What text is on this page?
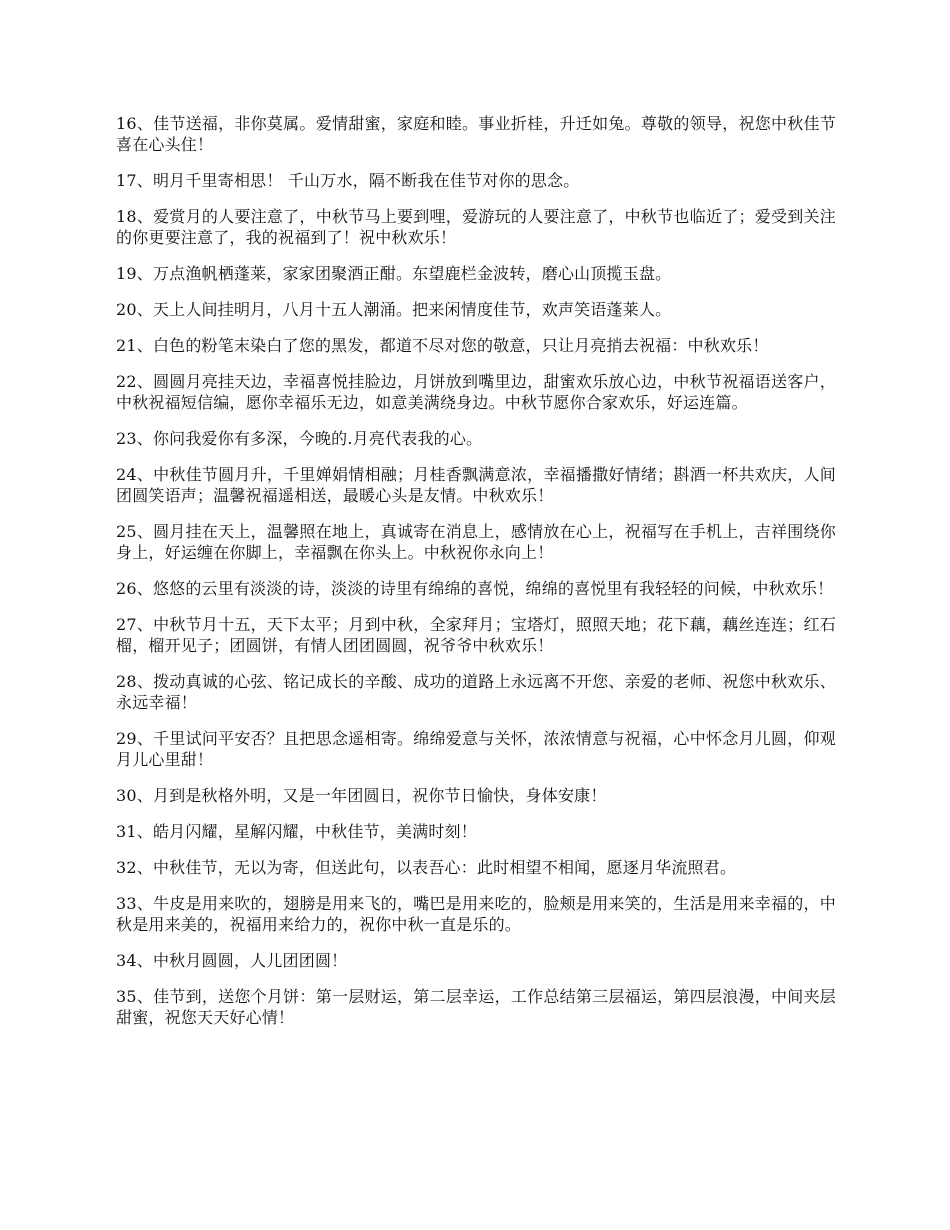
16、佳节送福，非你莫属。爱情甜蜜，家庭和睦。事业折桂，升迁如兔。尊敬的领导，祝您中秋佳节喜在心头住！

17、明月千里寄相思！ 千山万水，隔不断我在佳节对你的思念。

18、爱赏月的人要注意了，中秋节马上要到哩，爱游玩的人要注意了，中秋节也临近了；爱受到关注的你更要注意了，我的祝福到了！祝中秋欢乐！

19、万点渔帆栖蓬莱，家家团聚酒正酣。东望鹿栏金波转，磨心山顶揽玉盘。

20、天上人间挂明月，八月十五人潮涌。把来闲情度佳节，欢声笑语蓬莱人。

21、白色的粉笔末染白了您的黑发，都道不尽对您的敬意，只让月亮捎去祝福：中秋欢乐！

22、圆圆月亮挂天边，幸福喜悦挂脸边，月饼放到嘴里边，甜蜜欢乐放心边，中秋节祝福语送客户，中秋祝福短信编，愿你幸福乐无边，如意美满绕身边。中秋节愿你合家欢乐，好运连篇。

23、你问我爱你有多深，今晚的.月亮代表我的心。

24、中秋佳节圆月升，千里婵娟情相融；月桂香飘满意浓，幸福播撒好情绪；斟酒一杯共欢庆，人间团圆笑语声；温馨祝福遥相送，最暖心头是友情。中秋欢乐！

25、圆月挂在天上，温馨照在地上，真诚寄在消息上，感情放在心上，祝福写在手机上，吉祥围绕你身上，好运缠在你脚上，幸福飘在你头上。中秋祝你永向上！

26、悠悠的云里有淡淡的诗，淡淡的诗里有绵绵的喜悦，绵绵的喜悦里有我轻轻的问候，中秋欢乐！

27、中秋节月十五，天下太平；月到中秋，全家拜月；宝塔灯，照照天地；花下藕，藕丝连连；红石榴，榴开见子；团圆饼，有情人团团圆圆，祝爷爷中秋欢乐！

28、拨动真诚的心弦、铭记成长的辛酸、成功的道路上永远离不开您、亲爱的老师、祝您中秋欢乐、永远幸福！

29、千里试问平安否？且把思念遥相寄。绵绵爱意与关怀，浓浓情意与祝福，心中怀念月儿圆，仰观月儿心里甜！

30、月到是秋格外明，又是一年团圆日，祝你节日愉快，身体安康！

31、皓月闪耀，星解闪耀，中秋佳节，美满时刻！

32、中秋佳节，无以为寄，但送此句，以表吾心：此时相望不相闻，愿逐月华流照君。

33、牛皮是用来吹的，翅膀是用来飞的，嘴巴是用来吃的，脸颊是用来笑的，生活是用来幸福的，中秋是用来美的，祝福用来给力的，祝你中秋一直是乐的。

34、中秋月圆圆，人儿团团圆！

35、佳节到，送您个月饼：第一层财运，第二层幸运，工作总结第三层福运，第四层浪漫，中间夹层甜蜜，祝您天天好心情！
